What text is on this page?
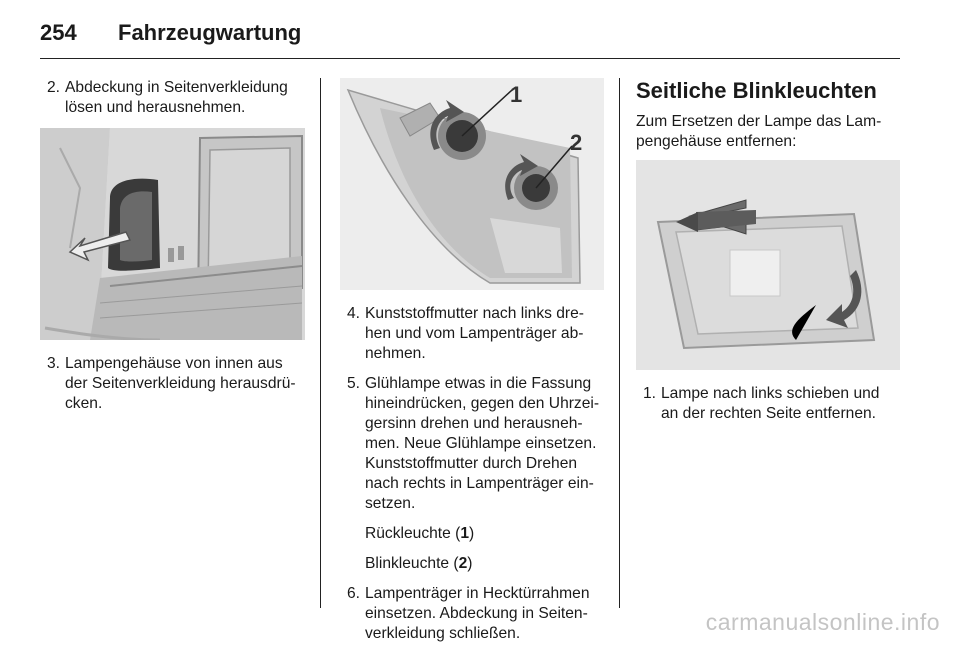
254 Fahrzeugwartung
2. Abdeckung in Seitenverkleidung
lösen und herausnehmen.
3. Lampengehäuse von innen aus
der Seitenverkleidung herausdrü-
cken.
1
2
4. Kunststoffmutter nach links dre-
hen und vom Lampenträger ab-
nehmen.
5. Glühlampe etwas in die Fassung
hineindrücken, gegen den Uhrzei-
gersinn drehen und herausneh-
men. Neue Glühlampe einsetzen.
Kunststoffmutter durch Drehen
nach rechts in Lampenträger ein-
setzen.
Rückleuchte (1)
Blinkleuchte (2)
6. Lampenträger in Hecktürrahmen
einsetzen. Abdeckung in Seiten-
verkleidung schließen.
Seitliche Blinkleuchten
Zum Ersetzen der Lampe das Lam-
pengehäuse entfernen:
1. Lampe nach links schieben und
an der rechten Seite entfernen.
carmanualsonline.info
